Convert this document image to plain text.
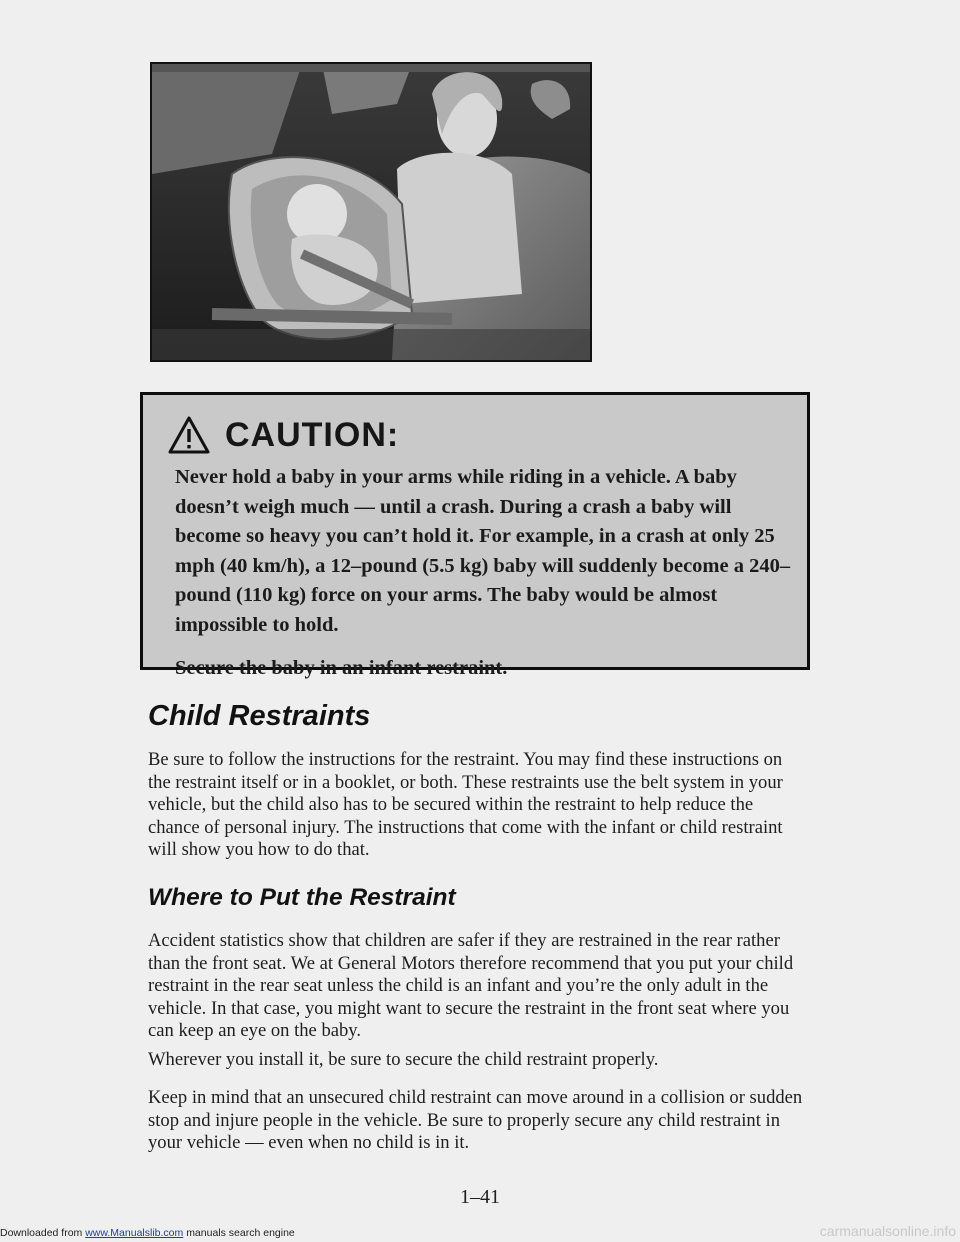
CAUTION:

Never hold a baby in your arms while riding in a vehicle. A baby doesn’t weigh much — until a crash. During a crash a baby will become so heavy you can’t hold it. For example, in a crash at only 25 mph (40 km/h), a 12–pound (5.5 kg) baby will suddenly become a 240–pound (110 kg) force on your arms. The baby would be almost impossible to hold.

Secure the baby in an infant restraint.

Child Restraints

Be sure to follow the instructions for the restraint. You may find these instructions on the restraint itself or in a booklet, or both. These restraints use the belt system in your vehicle, but the child also has to be secured within the restraint to help reduce the chance of personal injury. The instructions that come with the infant or child restraint will show you how to do that.

Where to Put the Restraint

Accident statistics show that children are safer if they are restrained in the rear rather than the front seat. We at General Motors therefore recommend that you put your child restraint in the rear seat unless the child is an infant and you’re the only adult in the vehicle. In that case, you might want to secure the restraint in the front seat where you can keep an eye on the baby.

Wherever you install it, be sure to secure the child restraint properly.

Keep in mind that an unsecured child restraint can move around in a collision or sudden stop and injure people in the vehicle. Be sure to properly secure any child restraint in your vehicle — even when no child is in it.

1–41
Downloaded from www.Manualslib.com manuals search engine	carmanualsonline.info
